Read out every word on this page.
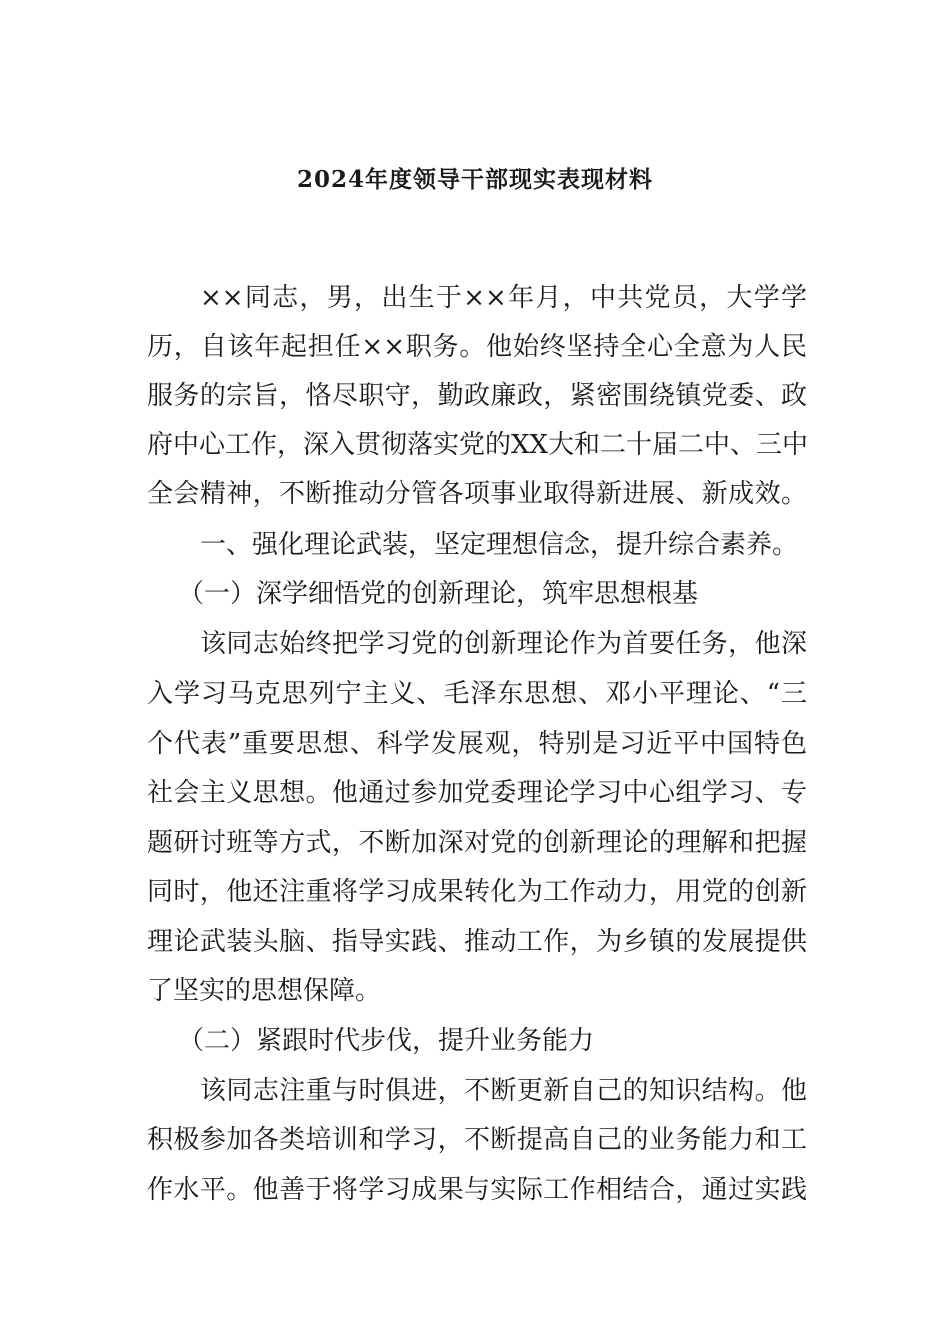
2024年度领导干部现实表现材料
××同志，男，出生于××年月，中共党员，大学学
历，自该年起担任××职务。他始终坚持全心全意为人民
服务的宗旨，恪尽职守，勤政廉政，紧密围绕镇党委、政
府中心工作，深入贯彻落实党的XX大和二十届二中、三中
全会精神，不断推动分管各项事业取得新进展、新成效。
一、强化理论武装，坚定理想信念，提升综合素养。
（一）深学细悟党的创新理论，筑牢思想根基
该同志始终把学习党的创新理论作为首要任务，他深
入学习马克思列宁主义、毛泽东思想、邓小平理论、“三
个代表”重要思想、科学发展观，特别是习近平中国特色
社会主义思想。他通过参加党委理论学习中心组学习、专
题研讨班等方式，不断加深对党的创新理论的理解和把握
同时，他还注重将学习成果转化为工作动力，用党的创新
理论武装头脑、指导实践、推动工作，为乡镇的发展提供
了坚实的思想保障。
（二）紧跟时代步伐，提升业务能力
该同志注重与时俱进，不断更新自己的知识结构。他
积极参加各类培训和学习，不断提高自己的业务能力和工
作水平。他善于将学习成果与实际工作相结合，通过实践
